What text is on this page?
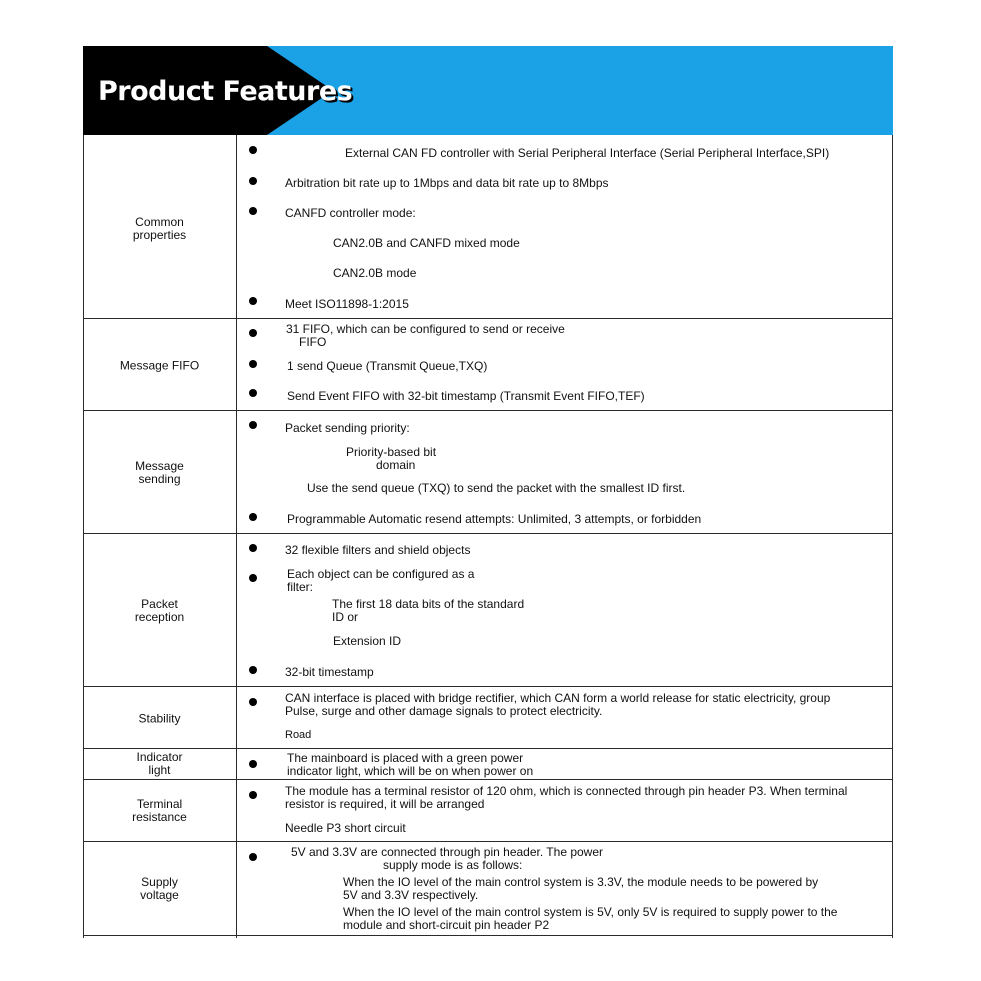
Product Features
Common
properties
External CAN FD controller with Serial Peripheral Interface (Serial Peripheral Interface,SPI)
Arbitration bit rate up to 1Mbps and data bit rate up to 8Mbps
CANFD controller mode:
CAN2.0B and CANFD mixed mode
CAN2.0B mode
Meet ISO11898-1:2015
Message FIFO
31 FIFO, which can be configured to send or receive
FIFO
1 send Queue (Transmit Queue,TXQ)
Send Event FIFO with 32-bit timestamp (Transmit Event FIFO,TEF)
Message
sending
Packet sending priority:
Priority-based bit
domain
Use the send queue (TXQ) to send the packet with the smallest ID first.
Programmable Automatic resend attempts: Unlimited, 3 attempts, or forbidden
Packet
reception
32 flexible filters and shield objects
Each object can be configured as a
filter:
The first 18 data bits of the standard
ID or
Extension ID
32-bit timestamp
Stability
CAN interface is placed with bridge rectifier, which CAN form a world release for static electricity, group
Pulse, surge and other damage signals to protect electricity.
Road
Indicator
light
The mainboard is placed with a green power
indicator light, which will be on when power on
Terminal
resistance
The module has a terminal resistor of 120 ohm, which is connected through pin header P3. When terminal
resistor is required, it will be arranged
Needle P3 short circuit
Supply
voltage
5V and 3.3V are connected through pin header. The power
supply mode is as follows:
When the IO level of the main control system is 3.3V, the module needs to be powered by
5V and 3.3V respectively.
When the IO level of the main control system is 5V, only 5V is required to supply power to the
module and short-circuit pin header P2
